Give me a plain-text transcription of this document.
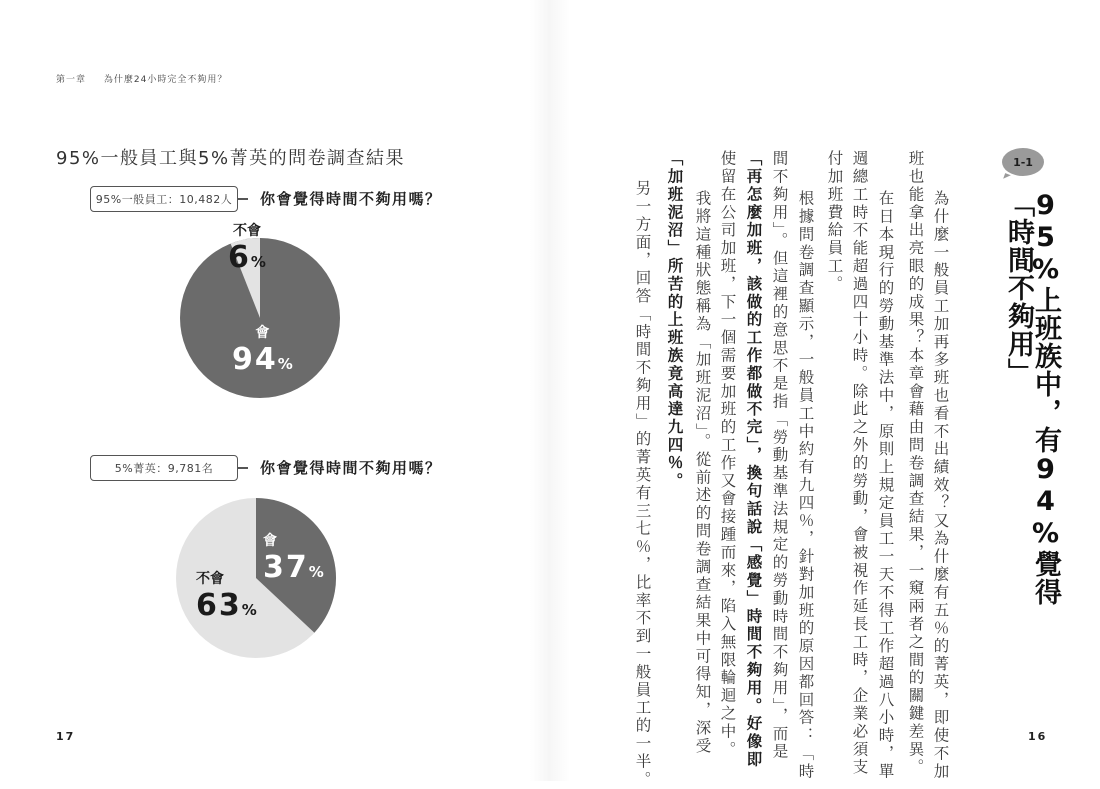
第一章 為什麼24小時完全不夠用？
95%一般員工與5%菁英的問卷調查結果
95%一般員工：10,482人	你會覺得時間不夠用嗎？
不會
6%
會
94%
5%菁英：9,781名	你會覺得時間不夠用嗎？
會
37%
不會
63%
17
1-1
95%上班族中，有94%覺得「時間不夠用」
為什麼一般員工加再多班也看不出績效？又為什麼有五％的菁英，即使不加
班也能拿出亮眼的成果？本章會藉由問卷調查結果，一窺兩者之間的關鍵差異。
在日本現行的勞動基準法中，原則上規定員工一天不得工作超過八小時，單
週總工時不能超過四十小時。除此之外的勞動，會被視作延長工時，企業必須支
付加班費給員工。
根據問卷調查顯示，一般員工中約有九四％，針對加班的原因都回答：「時
間不夠用」。但這裡的意思不是指「勞動基準法規定的勞動時間不夠用」，而是
「再怎麼加班，該做的工作都做不完」，換句話說「感覺」時間不夠用。好像即
使留在公司加班，下一個需要加班的工作又會接踵而來，陷入無限輪迴之中。
我將這種狀態稱為「加班泥沼」。從前述的問卷調查結果中可得知，深受
「加班泥沼」所苦的上班族竟高達九四％。
另一方面，回答「時間不夠用」的菁英有三七％，比率不到一般員工的一半。	16
